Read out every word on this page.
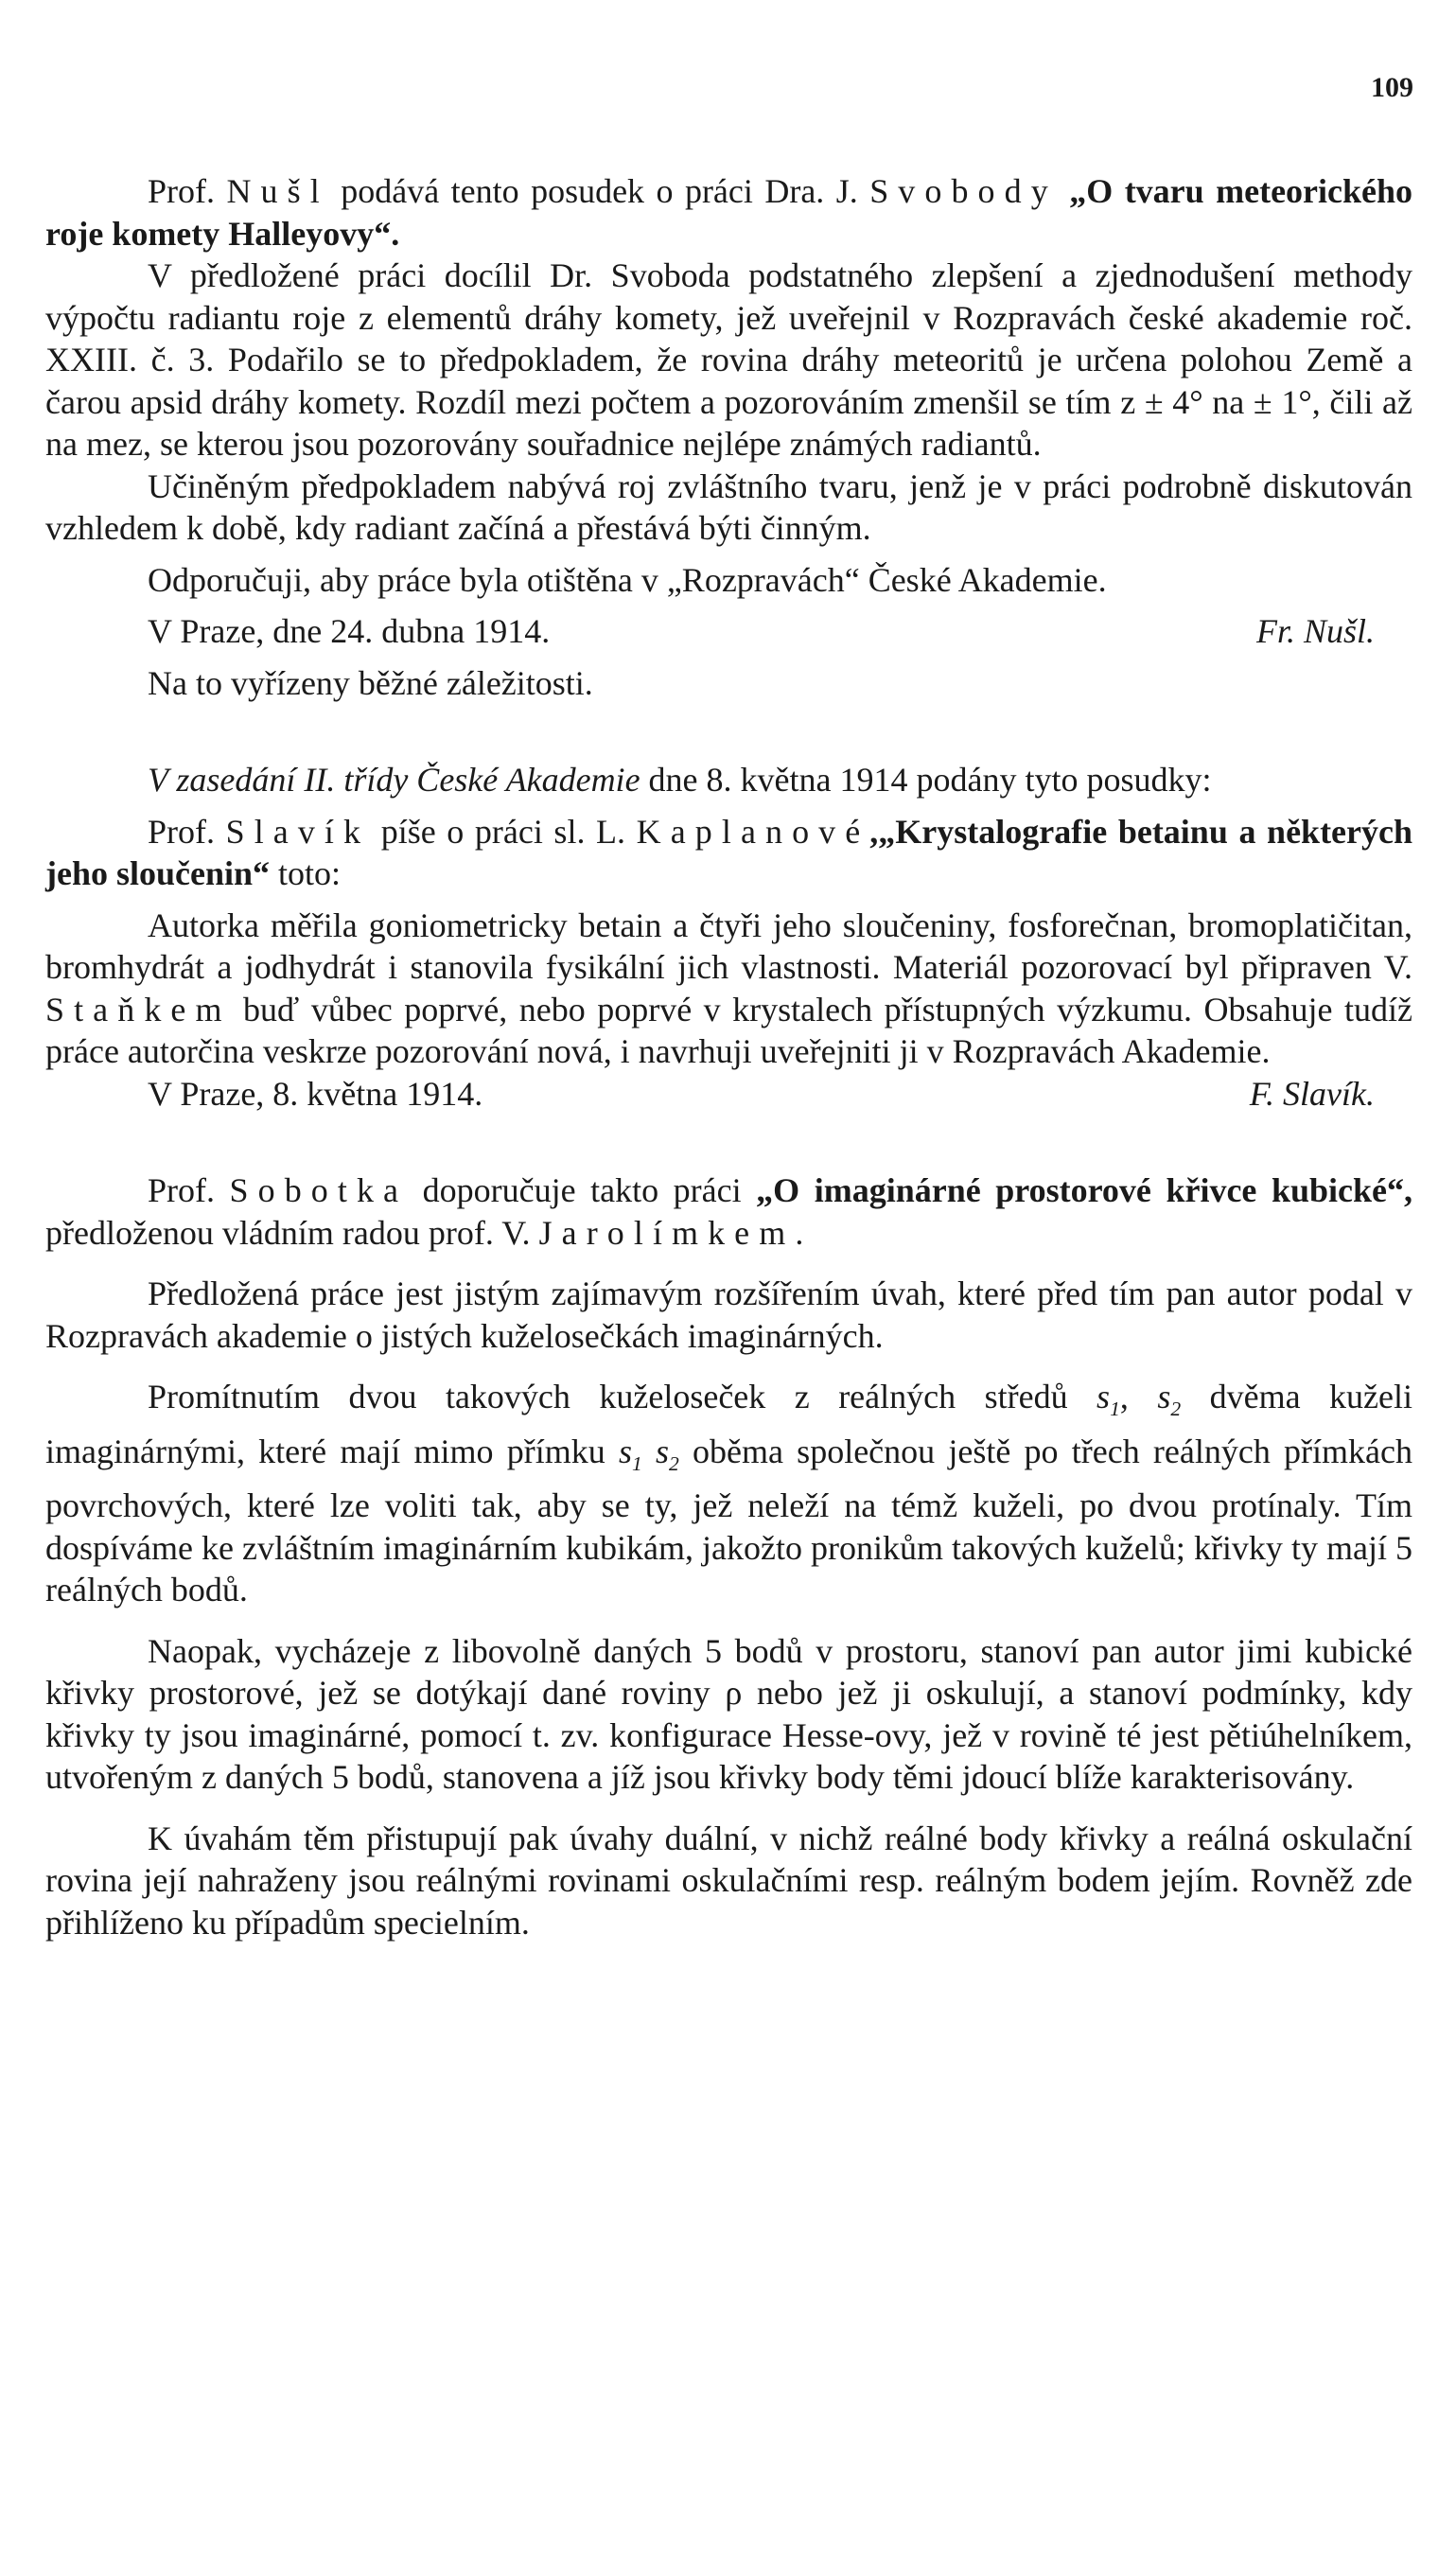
109

Prof. Nušl podává tento posudek o práci Dra. J. Svobody „O tvaru meteorického roje komety Halleyovy“.

V předložené práci docílil Dr. Svoboda podstatného zlepšení a zjednodušení methody výpočtu radiantu roje z elementů dráhy komety, jež uveřejnil v Rozpravách české akademie roč. XXIII. č. 3. Podařilo se to předpokladem, že rovina dráhy meteoritů je určena polohou Země a čarou apsid dráhy komety. Rozdíl mezi počtem a pozorováním zmenšil se tím z ± 4° na ± 1°, čili až na mez, se kterou jsou pozorovány souřadnice nejlépe známých radiantů.

Učiněným předpokladem nabývá roj zvláštního tvaru, jenž je v práci podrobně diskutován vzhledem k době, kdy radiant začíná a přestává býti činným.

Odporučuji, aby práce byla otištěna v „Rozpravách“ České Akademie.

V Praze, dne 24. dubna 1914.	Fr. Nušl.

Na to vyřízeny běžné záležitosti.

V zasedání II. třídy České Akademie dne 8. května 1914 podány tyto posudky:

Prof. Slavík píše o práci sl. L. Kaplanové,„Krystalografie betainu a některých jeho sloučenin“ toto:

Autorka měřila goniometricky betain a čtyři jeho sloučeniny, fosforečnan, bromoplatičitan, bromhydrát a jodhydrát i stanovila fysikální jich vlastnosti. Materiál pozorovací byl připraven V. Staňkem buď vůbec poprvé, nebo poprvé v krystalech přístupných výzkumu. Obsahuje tudíž práce autorčina veskrze pozorování nová, i navrhuji uveřejniti ji v Rozpravách Akademie.

V Praze, 8. května 1914.	F. Slavík.

Prof. Sobotka doporučuje takto práci „O imaginárné prostorové křivce kubické“, předloženou vládním radou prof. V. Jarolímkem.

Předložená práce jest jistým zajímavým rozšířením úvah, které před tím pan autor podal v Rozpravách akademie o jistých kuželosečkách imaginárných.

Promítnutím dvou takových kuželoseček z reálných středů $s_1$, $s_2$ dvěma kuželi imaginárnými, které mají mimo přímku $s_1$ $s_2$ oběma společnou ještě po třech reálných přímkách povrchových, které lze voliti tak, aby se ty, jež neleží na témž kuželi, po dvou protínaly. Tím dospíváme ke zvláštním imaginárním kubikám, jakožto pronikům takových kuželů; křivky ty mají 5 reálných bodů.

Naopak, vycházeje z libovolně daných 5 bodů v prostoru, stanoví pan autor jimi kubické křivky prostorové, jež se dotýkají dané roviny ρ nebo jež ji oskulují, a stanoví podmínky, kdy křivky ty jsou imaginárné, pomocí t. zv. konfigurace Hesse-ovy, jež v rovině té jest pětiúhelníkem, utvořeným z daných 5 bodů, stanovena a jíž jsou křivky body těmi jdoucí blíže karakterisovány.

K úvahám těm přistupují pak úvahy duální, v nichž reálné body křivky a reálná oskulační rovina její nahraženy jsou reálnými rovinami oskulačními resp. reálným bodem jejím. Rovněž zde přihlíženo ku případům specielním.
